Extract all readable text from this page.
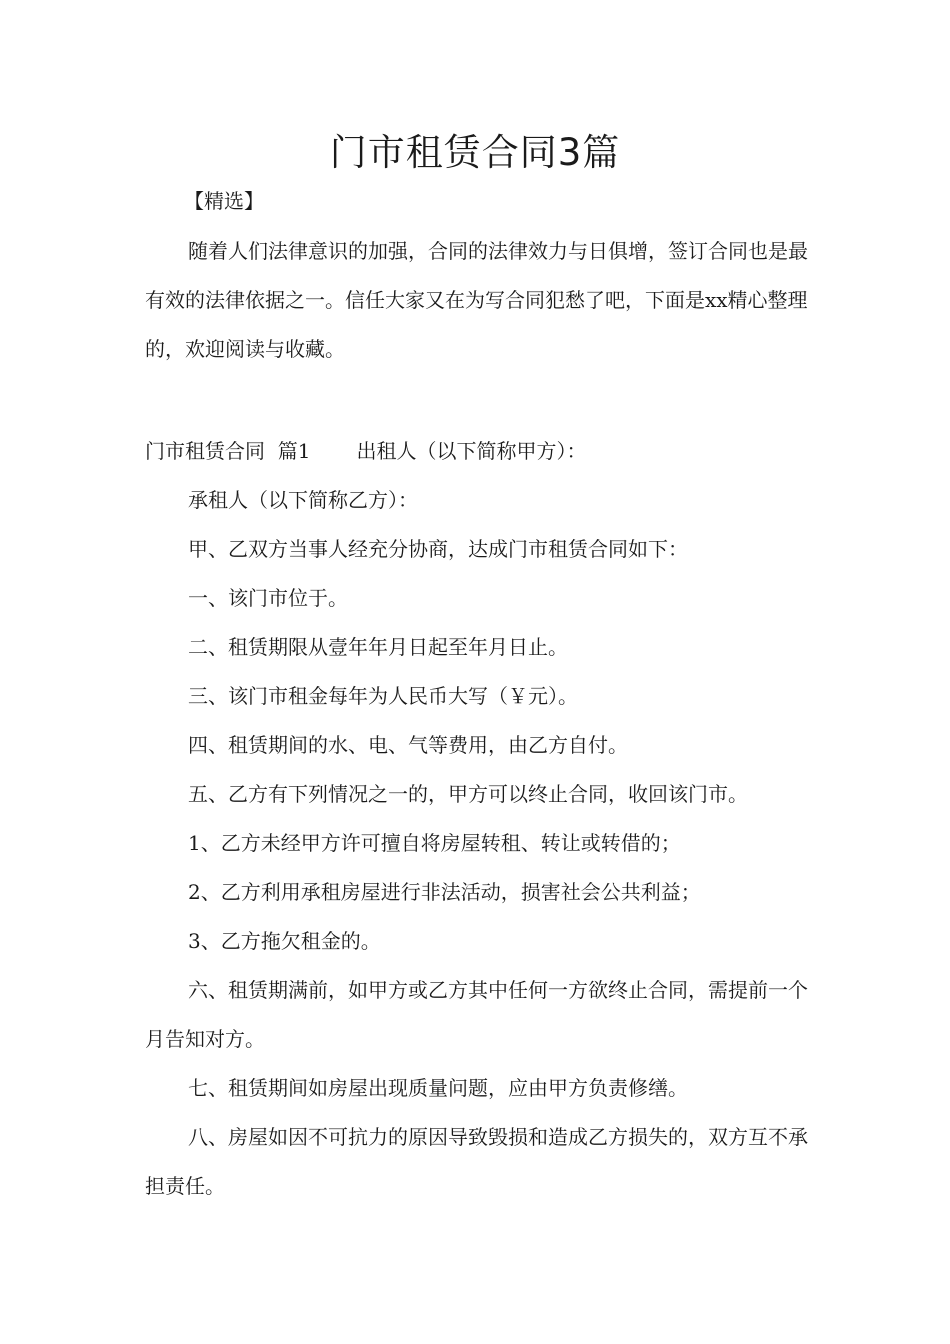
门市租赁合同3篇
【精选】

随着人们法律意识的加强，合同的法律效力与日俱增，签订合同也是最有效的法律依据之一。信任大家又在为写合同犯愁了吧，下面是xx精心整理的，欢迎阅读与收藏。

门市租赁合同  篇1 出租人（以下简称甲方）：

承租人（以下简称乙方）：
甲、乙双方当事人经充分协商，达成门市租赁合同如下：
一、该门市位于。
二、租赁期限从壹年年月日起至年月日止。
三、该门市租金每年为人民币大写（￥元）。
四、租赁期间的水、电、气等费用，由乙方自付。
五、乙方有下列情况之一的，甲方可以终止合同，收回该门市。
1、乙方未经甲方许可擅自将房屋转租、转让或转借的；
2、乙方利用承租房屋进行非法活动，损害社会公共利益；
3、乙方拖欠租金的。
六、租赁期满前，如甲方或乙方其中任何一方欲终止合同，需提前一个月告知对方。
七、租赁期间如房屋出现质量问题，应由甲方负责修缮。
八、房屋如因不可抗力的原因导致毁损和造成乙方损失的，双方互不承担责任。
